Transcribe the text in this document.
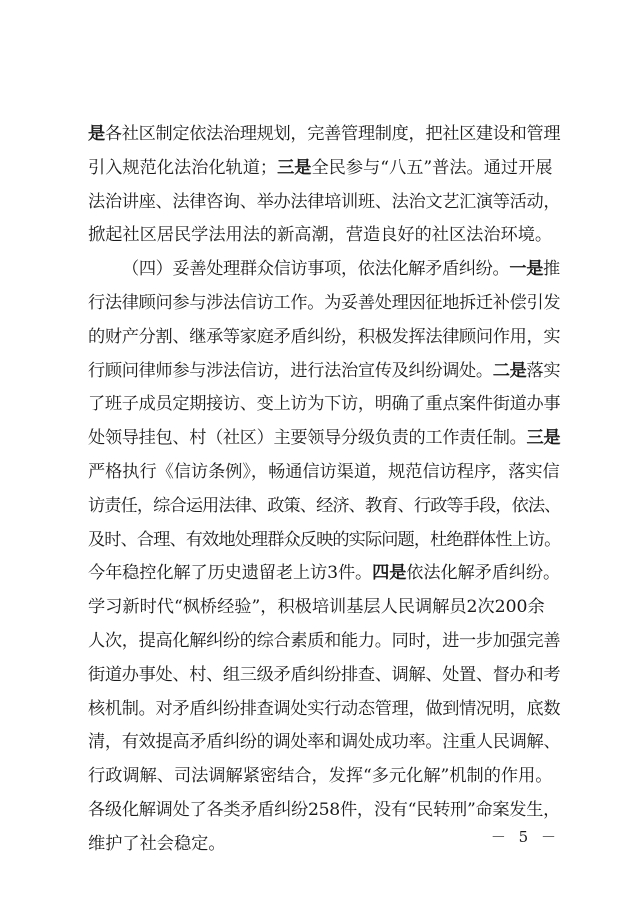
是各社区制定依法治理规划，完善管理制度，把社区建设和管理
引入规范化法治化轨道；三是全民参与“八五”普法。通过开展
法治讲座、法律咨询、举办法律培训班、法治文艺汇演等活动，
掀起社区居民学法用法的新高潮，营造良好的社区法治环境。
（四）妥善处理群众信访事项，依法化解矛盾纠纷。一是推
行法律顾问参与涉法信访工作。为妥善处理因征地拆迁补偿引发
的财产分割、继承等家庭矛盾纠纷，积极发挥法律顾问作用，实
行顾问律师参与涉法信访，进行法治宣传及纠纷调处。二是落实
了班子成员定期接访、变上访为下访，明确了重点案件街道办事
处领导挂包、村（社区）主要领导分级负责的工作责任制。三是
严格执行《信访条例》，畅通信访渠道，规范信访程序，落实信
访责任，综合运用法律、政策、经济、教育、行政等手段，依法、
及时、合理、有效地处理群众反映的实际问题，杜绝群体性上访。
今年稳控化解了历史遗留老上访3件。四是依法化解矛盾纠纷。
学习新时代“枫桥经验”，积极培训基层人民调解员2次200余
人次，提高化解纠纷的综合素质和能力。同时，进一步加强完善
街道办事处、村、组三级矛盾纠纷排查、调解、处置、督办和考
核机制。对矛盾纠纷排查调处实行动态管理，做到情况明，底数
清，有效提高矛盾纠纷的调处率和调处成功率。注重人民调解、
行政调解、司法调解紧密结合，发挥“多元化解”机制的作用。
各级化解调处了各类矛盾纠纷258件，没有“民转刑”命案发生，
维护了社会稳定。	－ 5 －
